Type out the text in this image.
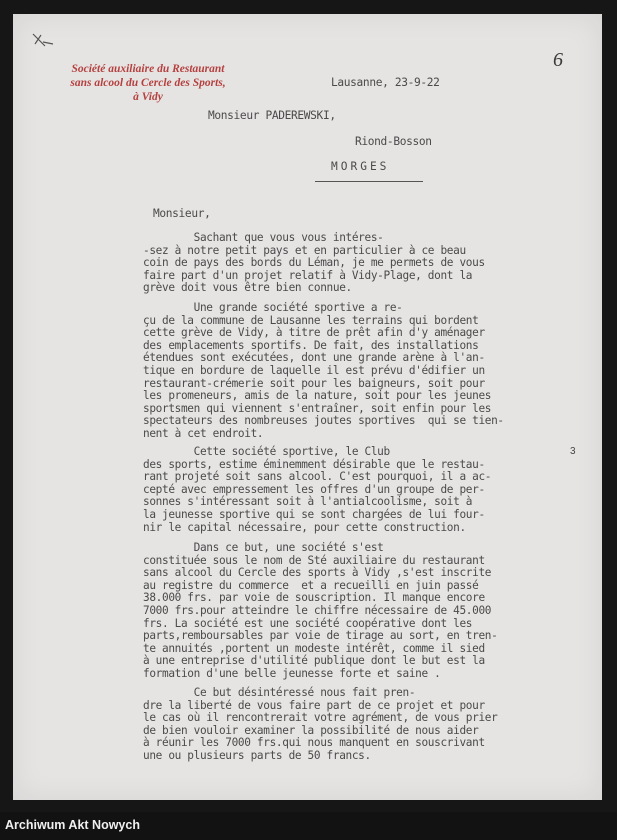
Société auxiliaire du Restaurant
sans alcool du Cercle des Sports,
à Vidy
6
Lausanne, 23-9-22
Monsieur PADEREWSKI,
Riond-Bosson
MORGES
Monsieur,
Sachant que vous vous intéres-
-sez à notre petit pays et en particulier à ce beau
coin de pays des bords du Léman, je me permets de vous
faire part d'un projet relatif à Vidy-Plage, dont la
grève doit vous être bien connue.
Une grande société sportive a re-
çu de la commune de Lausanne les terrains qui bordent
cette grève de Vidy, à titre de prêt afin d'y aménager
des emplacements sportifs. De fait, des installations
étendues sont exécutées, dont une grande arène à l'an-
tique en bordure de laquelle il est prévu d'édifier un
restaurant-crémerie soit pour les baigneurs, soit pour
les promeneurs, amis de la nature, soit pour les jeunes
sportsmen qui viennent s'entraîner, soit enfin pour les
spectateurs des nombreuses joutes sportives  qui se tien-
nent à cet endroit.
Cette société sportive, le Club
des sports, estime éminemment désirable que le restau-
rant projeté soit sans alcool. C'est pourquoi, il a ac-
cepté avec empressement les offres d'un groupe de per-
sonnes s'intéressant soit à l'antialcoolisme, soit à
la jeunesse sportive qui se sont chargées de lui four-
nir le capital nécessaire, pour cette construction.
Dans ce but, une société s'est
constituée sous le nom de Sté auxiliaire du restaurant
sans alcool du Cercle des sports à Vidy ,s'est inscrite
au registre du commerce  et a recueilli en juin passé
38.000 frs. par voie de souscription. Il manque encore
7000 frs.pour atteindre le chiffre nécessaire de 45.000
frs. La société est une société coopérative dont les
parts,remboursables par voie de tirage au sort, en tren-
te annuités ,portent un modeste intérêt, comme il sied
à une entreprise d'utilité publique dont le but est la
formation d'une belle jeunesse forte et saine .
Ce but désintéressé nous fait pren-
dre la liberté de vous faire part de ce projet et pour
le cas où il rencontrerait votre agrément, de vous prier
de bien vouloir examiner la possibilité de nous aider
à réunir les 7000 frs.qui nous manquent en souscrivant
une ou plusieurs parts de 50 francs.
3
Archiwum Akt Nowych
